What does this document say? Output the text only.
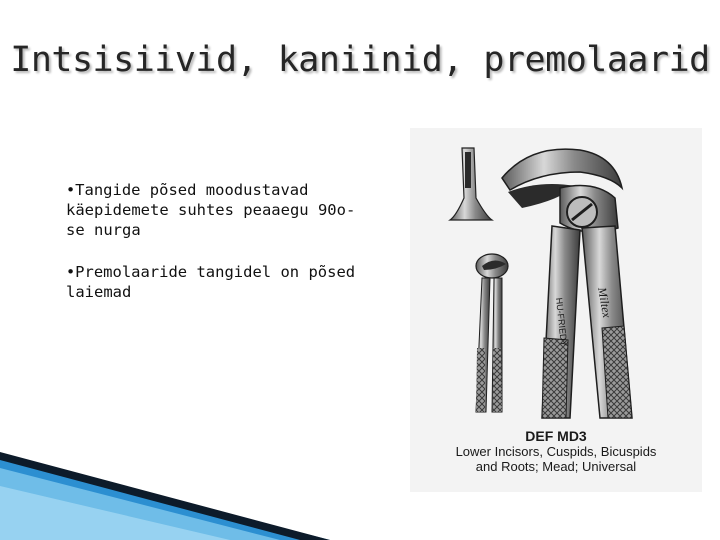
Intsisiivid, kaniinid, premolaarid

•Tangide põsed moodustavad käepidemete suhtes peaaegu 90o-se nurga

•Premolaaride tangidel on põsed laiemad

HU-FRIEDY Miltex
DEF MD3
Lower Incisors, Cuspids, Bicuspids
and Roots; Mead; Universal
